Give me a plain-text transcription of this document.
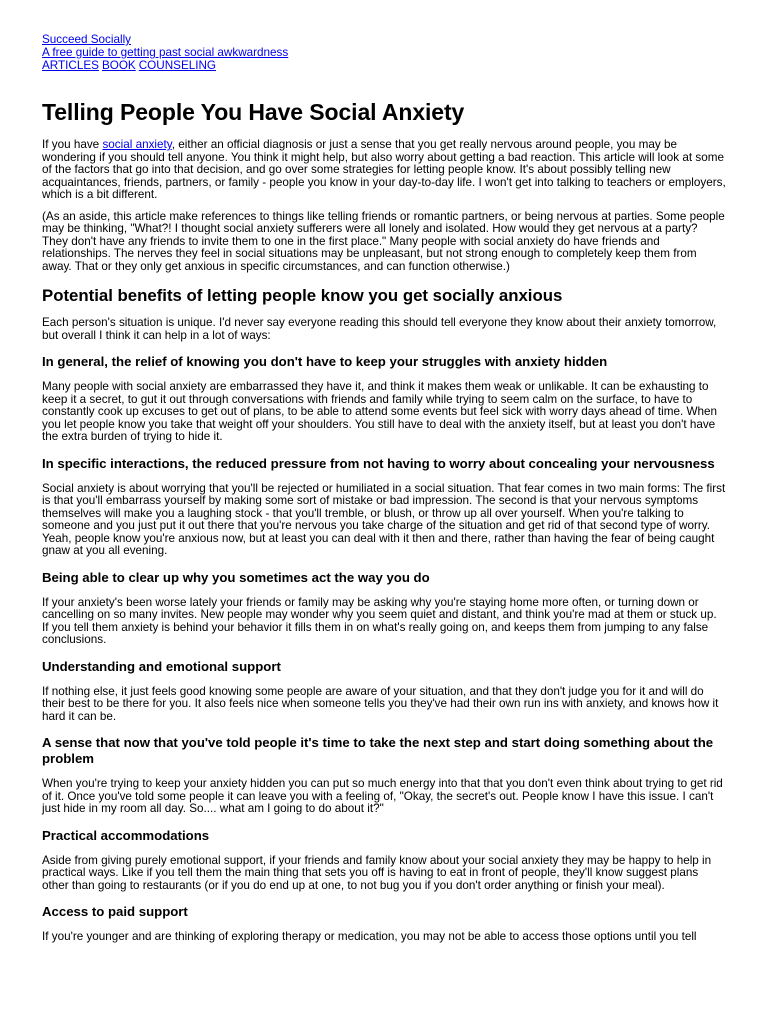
Succeed Socially
A free guide to getting past social awkwardness
ARTICLES BOOK COUNSELING
Telling People You Have Social Anxiety

If you have social anxiety, either an official diagnosis or just a sense that you get really nervous around people, you may be wondering if you should tell anyone. You think it might help, but also worry about getting a bad reaction. This article will look at some of the factors that go into that decision, and go over some strategies for letting people know. It's about possibly telling new acquaintances, friends, partners, or family - people you know in your day-to-day life. I won't get into talking to teachers or employers, which is a bit different.

(As an aside, this article make references to things like telling friends or romantic partners, or being nervous at parties. Some people may be thinking, "What?! I thought social anxiety sufferers were all lonely and isolated. How would they get nervous at a party? They don't have any friends to invite them to one in the first place." Many people with social anxiety do have friends and relationships. The nerves they feel in social situations may be unpleasant, but not strong enough to completely keep them from away. That or they only get anxious in specific circumstances, and can function otherwise.)

Potential benefits of letting people know you get socially anxious

Each person's situation is unique. I'd never say everyone reading this should tell everyone they know about their anxiety tomorrow, but overall I think it can help in a lot of ways:

In general, the relief of knowing you don't have to keep your struggles with anxiety hidden

Many people with social anxiety are embarrassed they have it, and think it makes them weak or unlikable. It can be exhausting to keep it a secret, to gut it out through conversations with friends and family while trying to seem calm on the surface, to have to constantly cook up excuses to get out of plans, to be able to attend some events but feel sick with worry days ahead of time. When you let people know you take that weight off your shoulders. You still have to deal with the anxiety itself, but at least you don't have the extra burden of trying to hide it.

In specific interactions, the reduced pressure from not having to worry about concealing your nervousness

Social anxiety is about worrying that you'll be rejected or humiliated in a social situation. That fear comes in two main forms: The first is that you'll embarrass yourself by making some sort of mistake or bad impression. The second is that your nervous symptoms themselves will make you a laughing stock - that you'll tremble, or blush, or throw up all over yourself. When you're talking to someone and you just put it out there that you're nervous you take charge of the situation and get rid of that second type of worry. Yeah, people know you're anxious now, but at least you can deal with it then and there, rather than having the fear of being caught gnaw at you all evening.

Being able to clear up why you sometimes act the way you do

If your anxiety's been worse lately your friends or family may be asking why you're staying home more often, or turning down or cancelling on so many invites. New people may wonder why you seem quiet and distant, and think you're mad at them or stuck up. If you tell them anxiety is behind your behavior it fills them in on what's really going on, and keeps them from jumping to any false conclusions.

Understanding and emotional support

If nothing else, it just feels good knowing some people are aware of your situation, and that they don't judge you for it and will do their best to be there for you. It also feels nice when someone tells you they've had their own run ins with anxiety, and knows how it hard it can be.

A sense that now that you've told people it's time to take the next step and start doing something about the problem

When you're trying to keep your anxiety hidden you can put so much energy into that that you don't even think about trying to get rid of it. Once you've told some people it can leave you with a feeling of, "Okay, the secret's out. People know I have this issue. I can't just hide in my room all day. So.... what am I going to do about it?"

Practical accommodations

Aside from giving purely emotional support, if your friends and family know about your social anxiety they may be happy to help in practical ways. Like if you tell them the main thing that sets you off is having to eat in front of people, they'll know suggest plans other than going to restaurants (or if you do end up at one, to not bug you if you don't order anything or finish your meal).

Access to paid support

If you're younger and are thinking of exploring therapy or medication, you may not be able to access those options until you tell
